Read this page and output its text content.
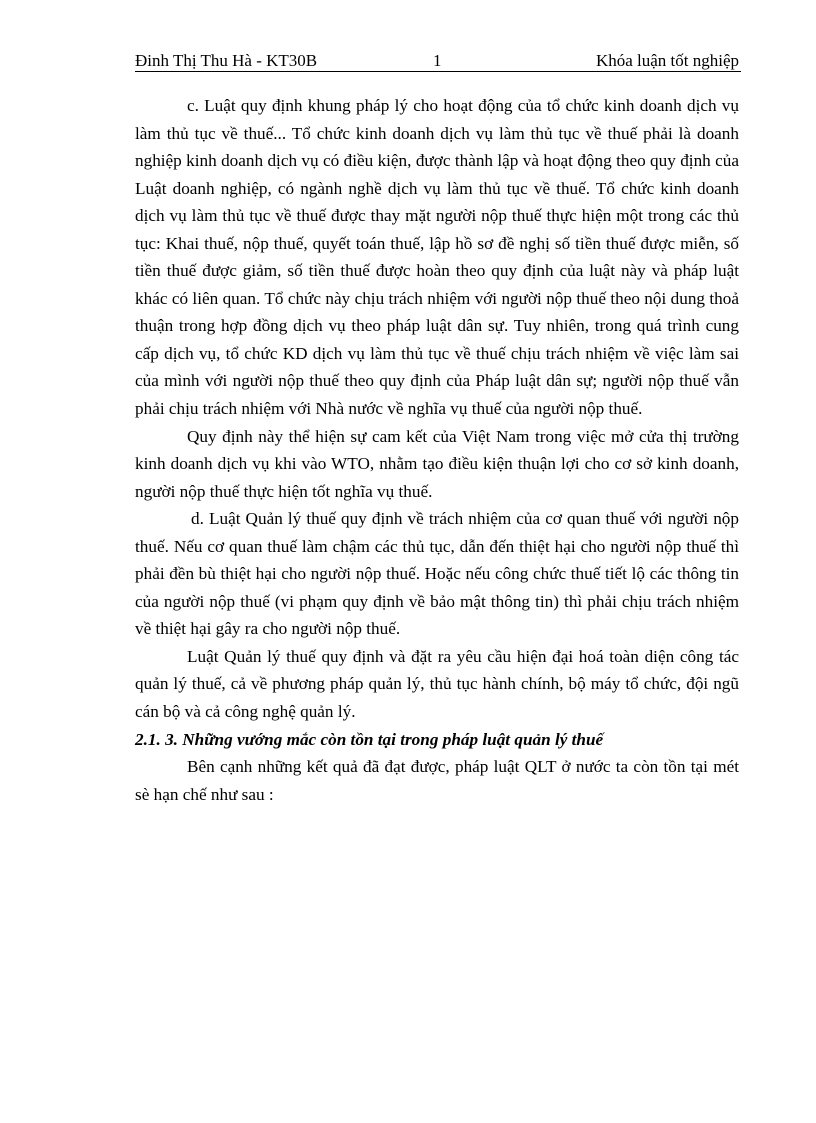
Đinh Thị Thu Hà - KT30B	1	Khóa luận tốt nghiệp

c. Luật quy định khung pháp lý cho hoạt động của tổ chức kinh doanh dịch vụ làm thủ tục về thuế... Tổ chức kinh doanh dịch vụ làm thủ tục về thuế phải là doanh nghiệp kinh doanh dịch vụ có điều kiện, được thành lập và hoạt động theo quy định của Luật doanh nghiệp, có ngành nghề dịch vụ làm thủ tục về thuế. Tổ chức kinh doanh dịch vụ làm thủ tục về thuế được thay mặt người nộp thuế thực hiện một trong các thủ tục: Khai thuế, nộp thuế, quyết toán thuế, lập hồ sơ đề nghị số tiền thuế được miễn, số tiền thuế được giảm, số tiền thuế được hoàn theo quy định của luật này và pháp luật khác có liên quan. Tổ chức này chịu trách nhiệm với người nộp thuế theo nội dung thoả thuận trong hợp đồng dịch vụ theo pháp luật dân sự. Tuy nhiên, trong quá trình cung cấp dịch vụ, tổ chức KD dịch vụ làm thủ tục về thuế chịu trách nhiệm về việc làm sai của mình với người nộp thuế theo quy định của Pháp luật dân sự; người nộp thuế vẫn phải chịu trách nhiệm với Nhà nước về nghĩa vụ thuế của người nộp thuế.

Quy định này thể hiện sự cam kết của Việt Nam trong việc mở cửa thị trường kinh doanh dịch vụ khi vào WTO, nhằm tạo điều kiện thuận lợi cho cơ sở kinh doanh, người nộp thuế thực hiện tốt nghĩa vụ thuế.

d. Luật Quản lý thuế quy định về trách nhiệm của cơ quan thuế với người nộp thuế. Nếu cơ quan thuế làm chậm các thủ tục, dẫn đến thiệt hại cho người nộp thuế thì phải đền bù thiệt hại cho người nộp thuế. Hoặc nếu công chức thuế tiết lộ các thông tin của người nộp thuế (vi phạm quy định về bảo mật thông tin) thì phải chịu trách nhiệm về thiệt hại gây ra cho người nộp thuế.

Luật Quản lý thuế quy định và đặt ra yêu cầu hiện đại hoá toàn diện công tác quản lý thuế, cả về phương pháp quản lý, thủ tục hành chính, bộ máy tổ chức, đội ngũ cán bộ và cả công nghệ quản lý.

2.1. 3. Những vướng mắc còn tồn tại trong pháp luật quản lý thuế

Bên cạnh những kết quả đã đạt được, pháp luật QLT ở nước ta còn tồn tại mét sè hạn chế như sau :
